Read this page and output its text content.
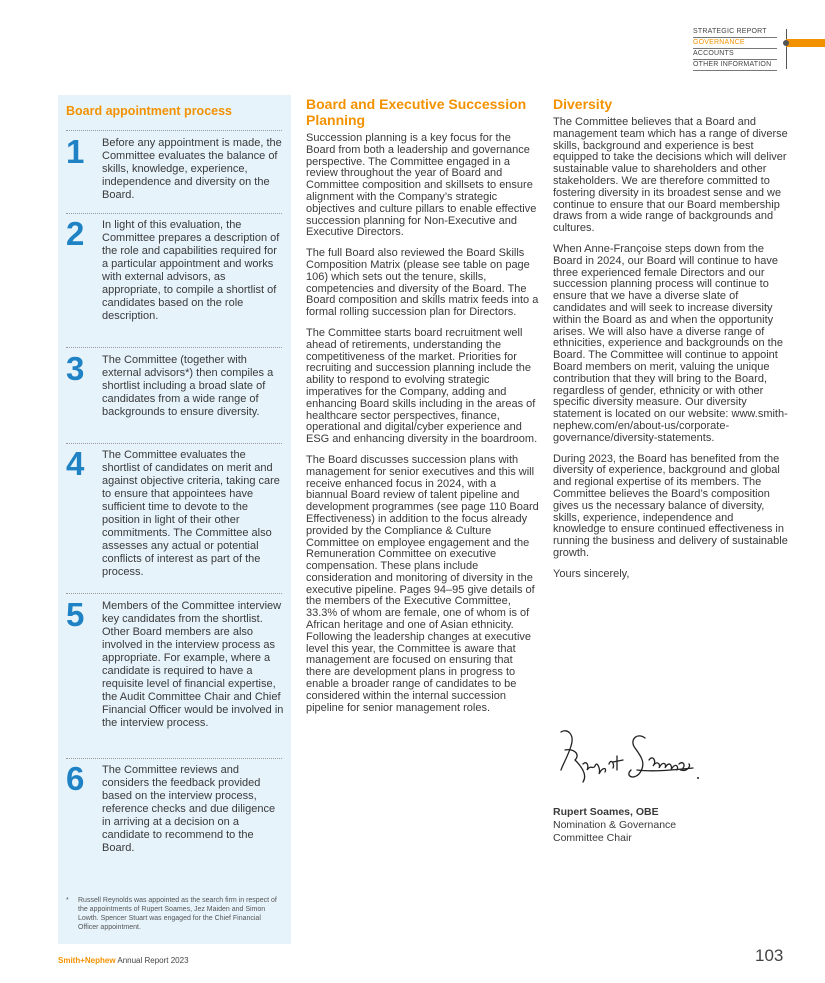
STRATEGIC REPORT
GOVERNANCE
ACCOUNTS
OTHER INFORMATION
Board appointment process
1 Before any appointment is made, the Committee evaluates the balance of skills, knowledge, experience, independence and diversity on the Board.
2 In light of this evaluation, the Committee prepares a description of the role and capabilities required for a particular appointment and works with external advisors, as appropriate, to compile a shortlist of candidates based on the role description.
3 The Committee (together with external advisors*) then compiles a shortlist including a broad slate of candidates from a wide range of backgrounds to ensure diversity.
4 The Committee evaluates the shortlist of candidates on merit and against objective criteria, taking care to ensure that appointees have sufficient time to devote to the position in light of their other commitments. The Committee also assesses any actual or potential conflicts of interest as part of the process.
5 Members of the Committee interview key candidates from the shortlist. Other Board members are also involved in the interview process as appropriate. For example, where a candidate is required to have a requisite level of financial expertise, the Audit Committee Chair and Chief Financial Officer would be involved in the interview process.
6 The Committee reviews and considers the feedback provided based on the interview process, reference checks and due diligence in arriving at a decision on a candidate to recommend to the Board.
* Russell Reynolds was appointed as the search firm in respect of the appointments of Rupert Soames, Jez Maiden and Simon Lowth. Spencer Stuart was engaged for the Chief Financial Officer appointment.
Board and Executive Succession Planning

Succession planning is a key focus for the Board from both a leadership and governance perspective. The Committee engaged in a review throughout the year of Board and Committee composition and skillsets to ensure alignment with the Company’s strategic objectives and culture pillars to enable effective succession planning for Non-Executive and Executive Directors.

The full Board also reviewed the Board Skills Composition Matrix (please see table on page 106) which sets out the tenure, skills, competencies and diversity of the Board. The Board composition and skills matrix feeds into a formal rolling succession plan for Directors.

The Committee starts board recruitment well ahead of retirements, understanding the competitiveness of the market. Priorities for recruiting and succession planning include the ability to respond to evolving strategic imperatives for the Company, adding and enhancing Board skills including in the areas of healthcare sector perspectives, finance, operational and digital/cyber experience and ESG and enhancing diversity in the boardroom.

The Board discusses succession plans with management for senior executives and this will receive enhanced focus in 2024, with a biannual Board review of talent pipeline and development programmes (see page 110 Board Effectiveness) in addition to the focus already provided by the Compliance & Culture Committee on employee engagement and the Remuneration Committee on executive compensation. These plans include consideration and monitoring of diversity in the executive pipeline. Pages 94–95 give details of the members of the Executive Committee, 33.3% of whom are female, one of whom is of African heritage and one of Asian ethnicity. Following the leadership changes at executive level this year, the Committee is aware that management are focused on ensuring that there are development plans in progress to enable a broader range of candidates to be considered within the internal succession pipeline for senior management roles.

Diversity

The Committee believes that a Board and management team which has a range of diverse skills, background and experience is best equipped to take the decisions which will deliver sustainable value to shareholders and other stakeholders. We are therefore committed to fostering diversity in its broadest sense and we continue to ensure that our Board membership draws from a wide range of backgrounds and cultures.

When Anne-Françoise steps down from the Board in 2024, our Board will continue to have three experienced female Directors and our succession planning process will continue to ensure that we have a diverse slate of candidates and will seek to increase diversity within the Board as and when the opportunity arises. We will also have a diverse range of ethnicities, experience and backgrounds on the Board. The Committee will continue to appoint Board members on merit, valuing the unique contribution that they will bring to the Board, regardless of gender, ethnicity or with other specific diversity measure. Our diversity statement is located on our website: www.smith-nephew.com/en/about-us/corporate-governance/diversity-statements.

During 2023, the Board has benefited from the diversity of experience, background and global and regional expertise of its members. The Committee believes the Board’s composition gives us the necessary balance of diversity, skills, experience, independence and knowledge to ensure continued effectiveness in running the business and delivery of sustainable growth.

Yours sincerely,

Rupert Soames, OBE
Nomination & Governance
Committee Chair
Smith+Nephew Annual Report 2023	103
